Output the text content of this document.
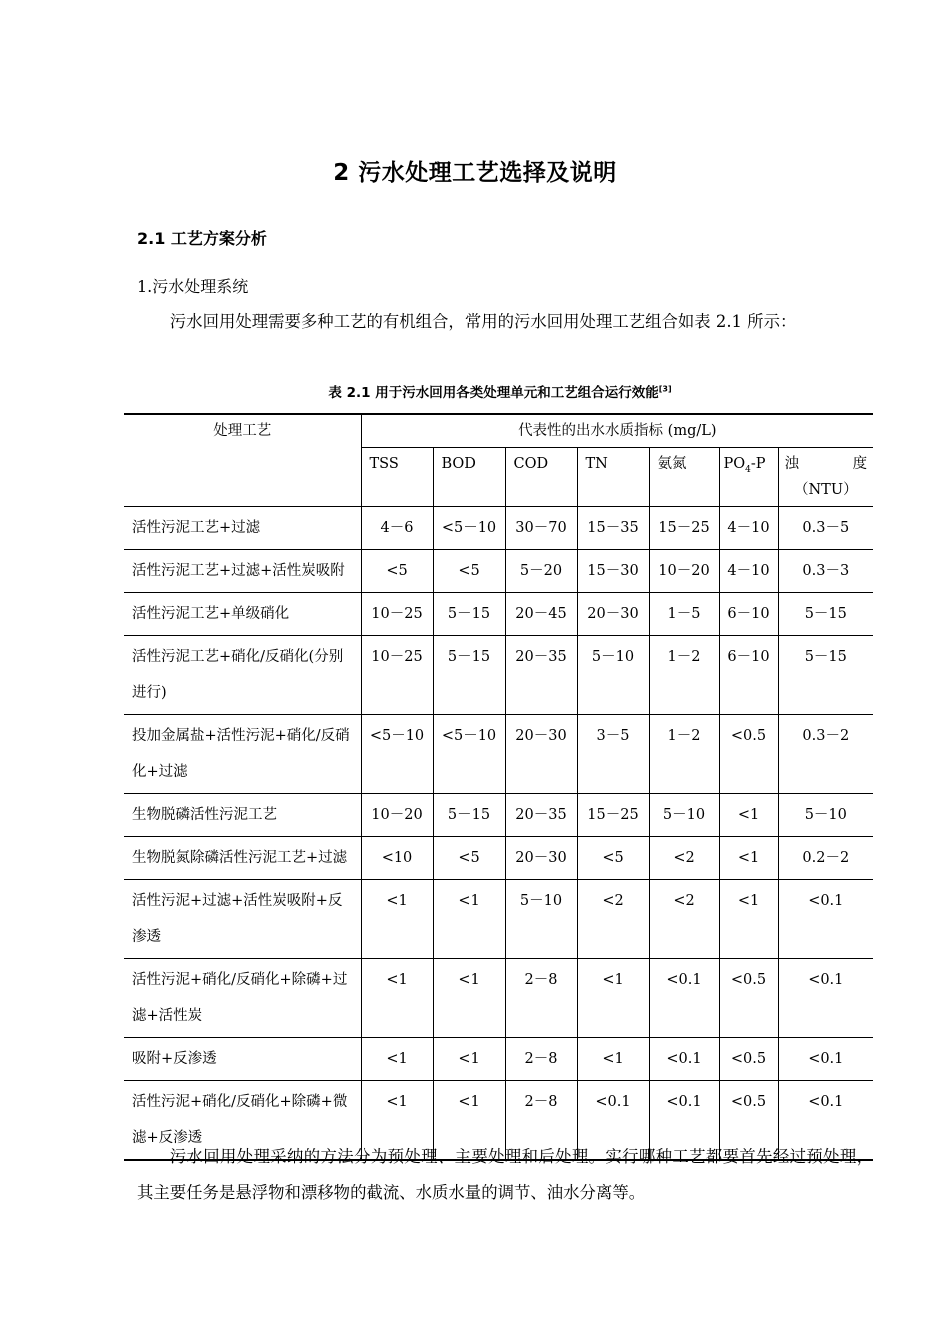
2 污水处理工艺选择及说明
2.1 工艺方案分析
1.污水处理系统
污水回用处理需要多种工艺的有机组合，常用的污水回用处理工艺组合如表 2.1 所示：
表 2.1 用于污水回用各类处理单元和工艺组合运行效能[3]
处理工艺	代表性的出水水质指标 (mg/L)						
	TSS	BOD	COD	TN	氨氮	$PO_4-P$	浊 度
（NTU）

活性污泥工艺+过滤	4－6	<5－10	30－70	15－35	15－25	4－10	0.3－5
活性污泥工艺+过滤+活性炭吸附	<5	<5	5－20	15－30	10－20	4－10	0.3－3
活性污泥工艺+单级硝化	10－25	5－15	20－45	20－30	1－5	6－10	5－15
活性污泥工艺+硝化/反硝化(分别进行)	10－25	5－15	20－35	5－10	1－2	6－10	5－15
投加金属盐+活性污泥+硝化/反硝化+过滤	<5－10	<5－10	20－30	3－5	1－2	<0.5	0.3－2
生物脱磷活性污泥工艺	10－20	5－15	20－35	15－25	5－10	<1	5－10
生物脱氮除磷活性污泥工艺+过滤	<10	<5	20－30	<5	<2	<1	0.2－2
活性污泥+过滤+活性炭吸附+反渗透	<1	<1	5－10	<2	<2	<1	<0.1
活性污泥+硝化/反硝化+除磷+过滤+活性炭	<1	<1	2－8	<1	<0.1	<0.5	<0.1
吸附+反渗透	<1	<1	2－8	<1	<0.1	<0.5	<0.1
活性污泥+硝化/反硝化+除磷+微滤+反渗透	<1	<1	2－8	<0.1	<0.1	<0.5	<0.1
污水回用处理采纳的方法分为预处理、主要处理和后处理。实行哪种工艺都要首先经过预处理，其主要任务是悬浮物和漂移物的截流、水质水量的调节、油水分离等。
